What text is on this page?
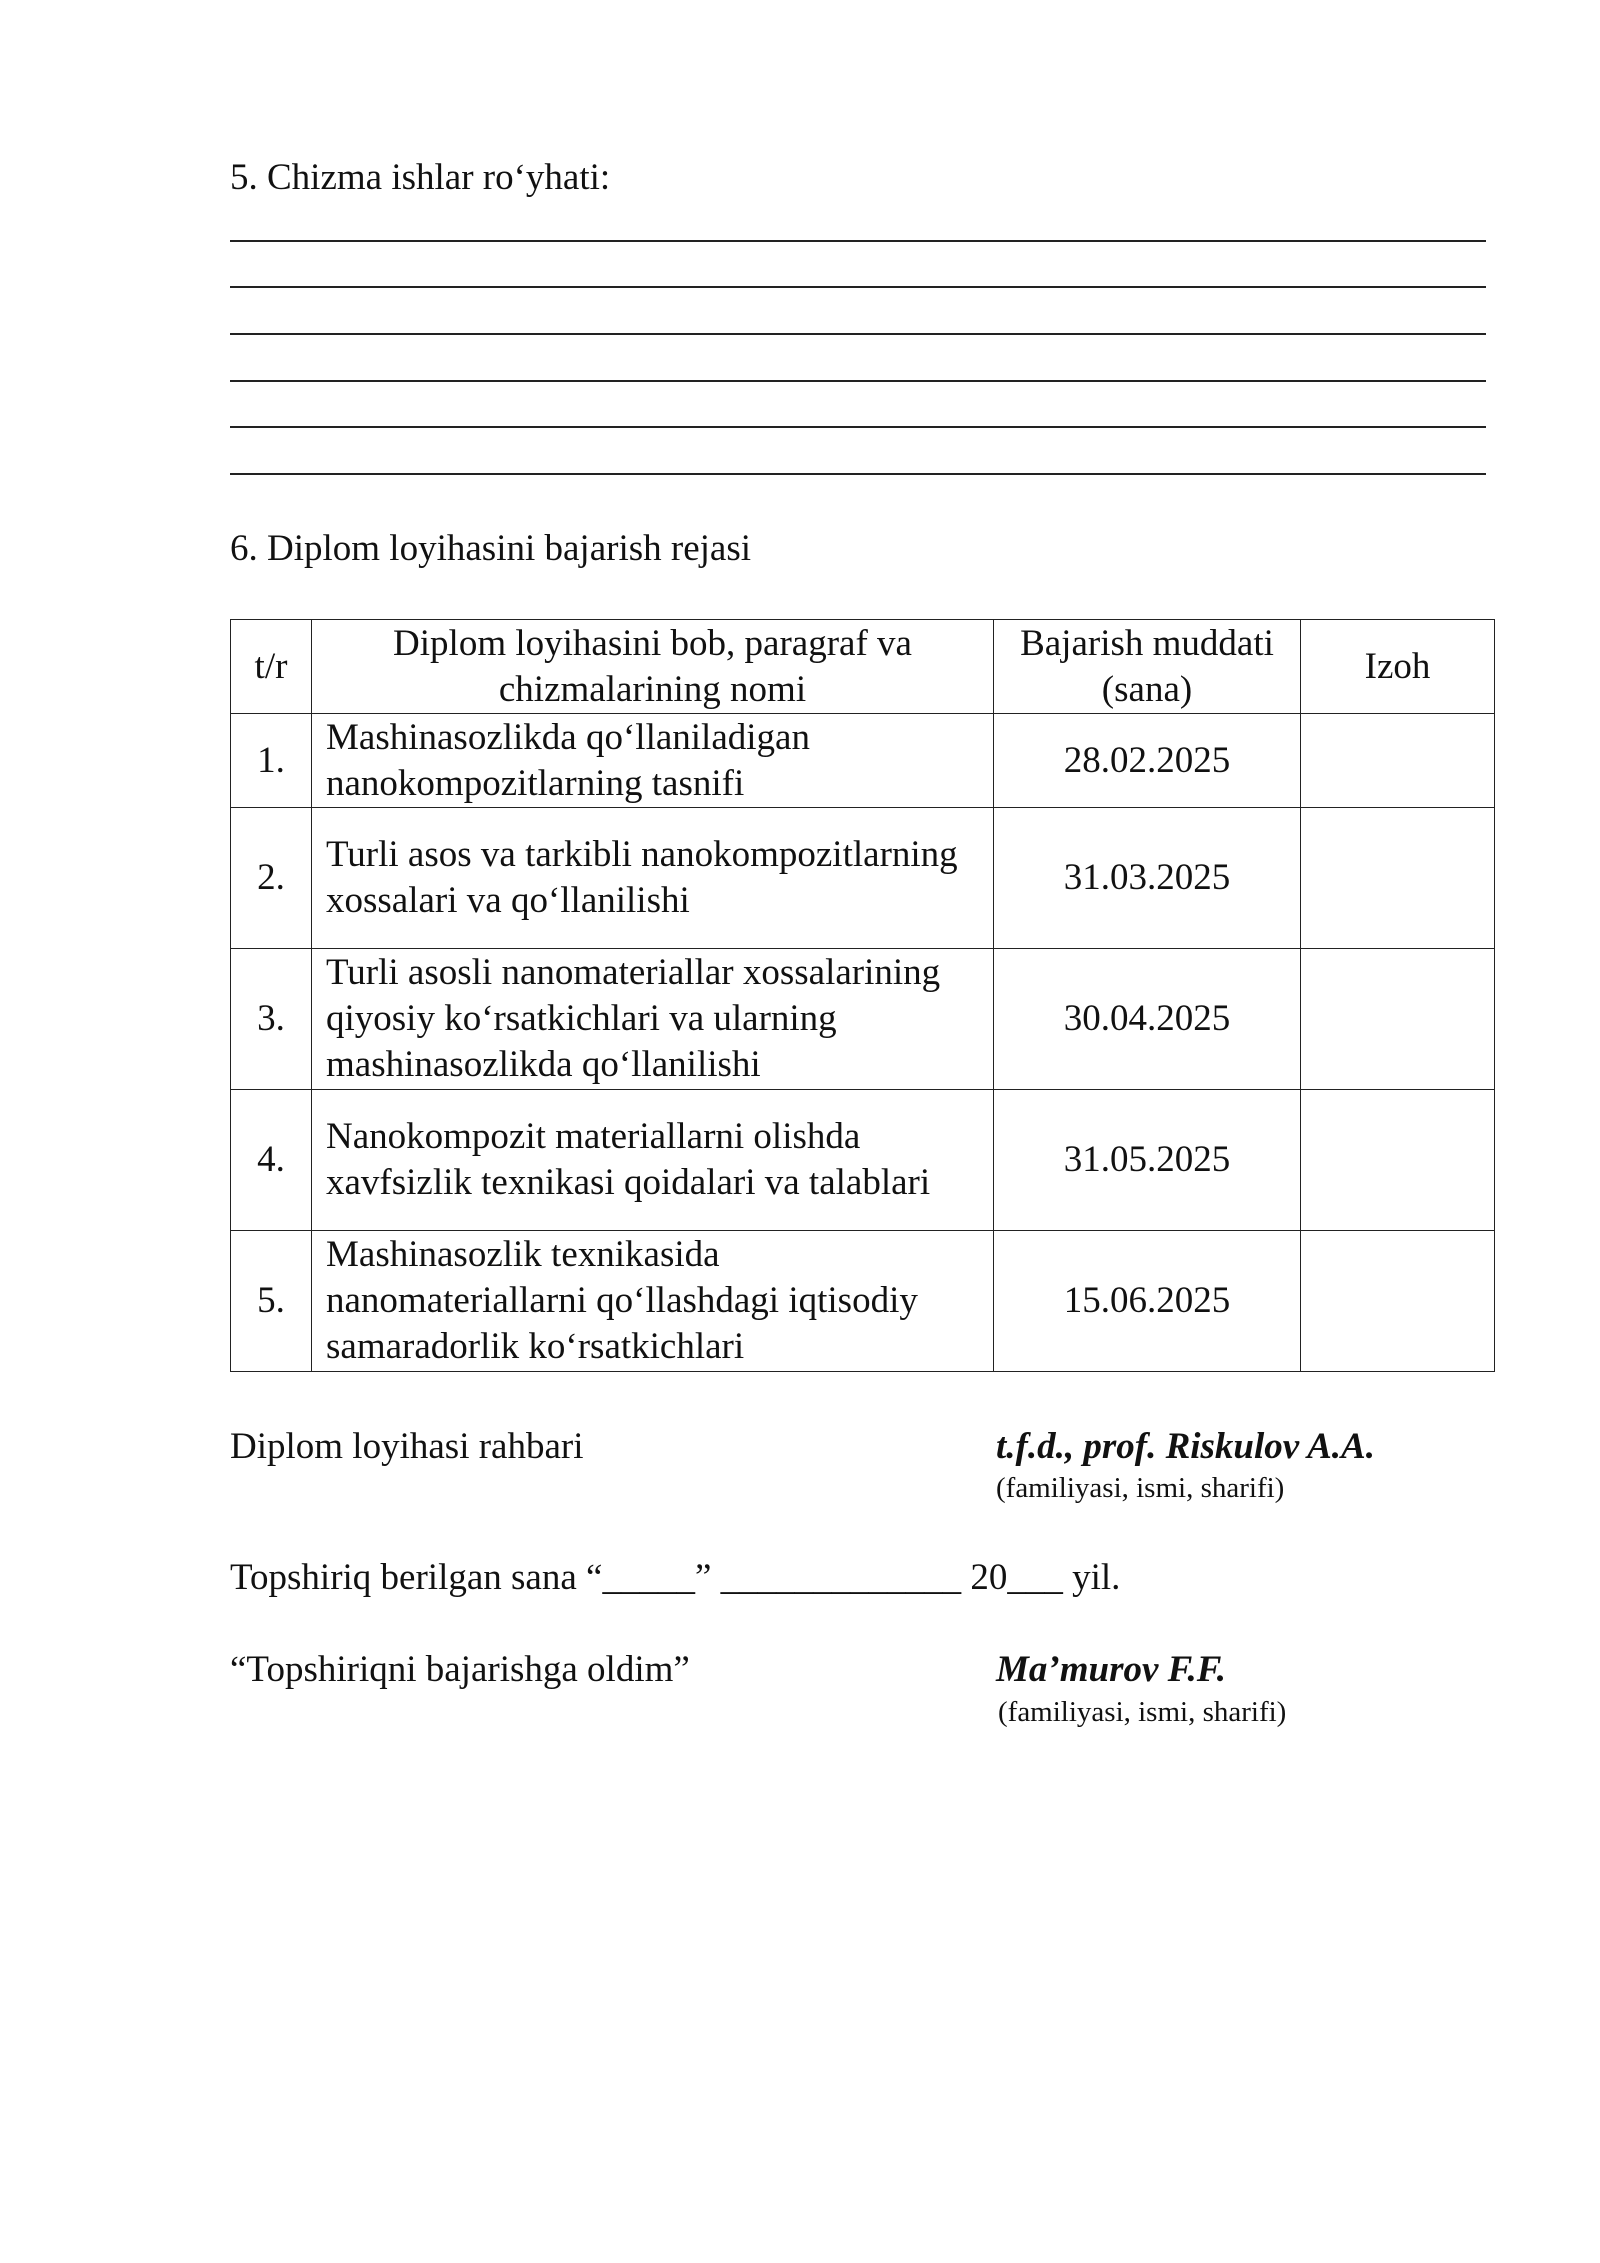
5. Chizma ishlar ro‘yhati:
6. Diplom loyihasini bajarish rejasi
t/r	Diplom loyihasini bob, paragraf va chizmalarining nomi	Bajarish muddati (sana)	Izoh
1.	Mashinasozlikda qo‘llaniladigan nanokompozitlarning tasnifi	28.02.2025	
2.	Turli asos va tarkibli nanokompozitlarning xossalari va qo‘llanilishi	31.03.2025	
3.	Turli asosli nanomateriallar xossalarining qiyosiy ko‘rsatkichlari va ularning mashinasozlikda qo‘llanilishi	30.04.2025	
4.	Nanokompozit materiallarni olishda xavfsizlik texnikasi qoidalari va talablari	31.05.2025	
5.	Mashinasozlik texnikasida nanomateriallarni qo‘llashdagi iqtisodiy samaradorlik ko‘rsatkichlari	15.06.2025	
Diplom loyihasi rahbari	t.f.d., prof. Riskulov A.A.
(familiyasi, ismi, sharifi)
Topshiriq berilgan sana “_____” _____________ 20___ yil.
“Topshiriqni bajarishga oldim”	Ma’murov F.F.
(familiyasi, ismi, sharifi)
